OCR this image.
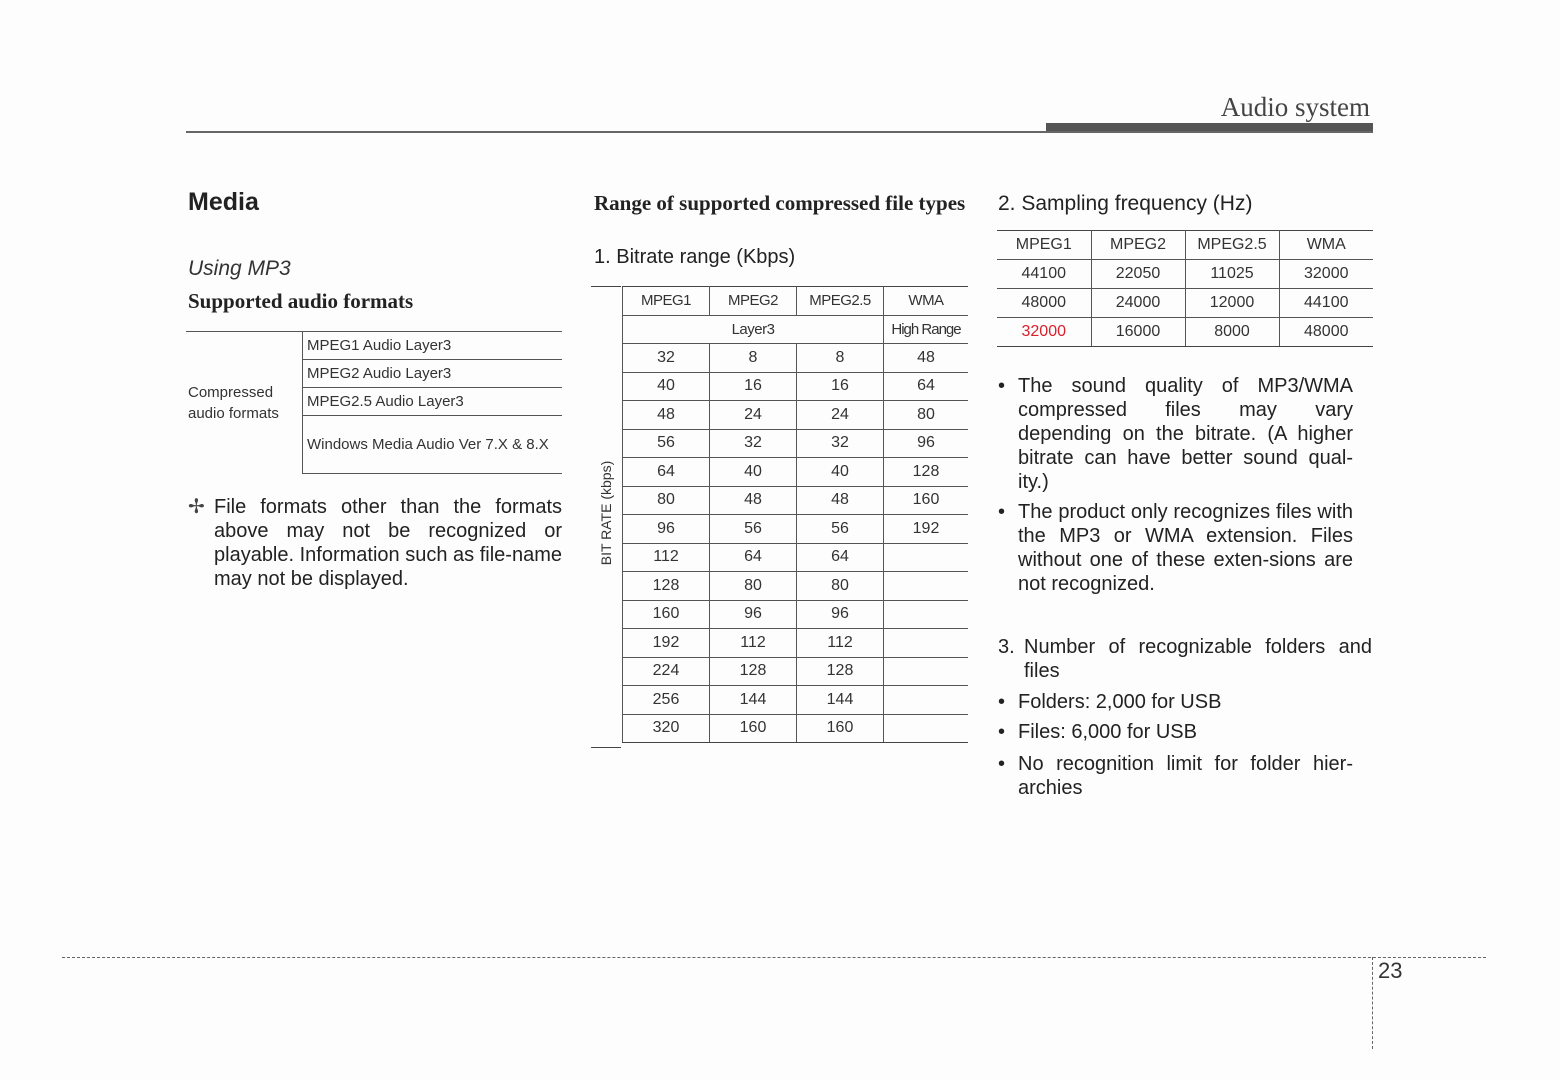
Audio system
Media
Using MP3
Supported audio formats
Compressed audio formats	MPEG1 Audio Layer3
MPEG2 Audio Layer3
MPEG2.5 Audio Layer3
Windows Media Audio Ver 7.X & 8.X
✢ File formats other than the formats above may not be recognized or playable. Information such as file-name may not be displayed.
Range of supported compressed file types
1. Bitrate range (Kbps)
BIT RATE (kbps)
MPEG1	MPEG2	MPEG2.5	WMA
Layer3			High Range
32	8	8	48
40	16	16	64
48	24	24	80
56	32	32	96
64	40	40	128
80	48	48	160
96	56	56	192
112	64	64	
128	80	80	
160	96	96	
192	112	112	
224	128	128	
256	144	144	
320	160	160	
2. Sampling frequency (Hz)
MPEG1	MPEG2	MPEG2.5	WMA
44100	22050	11025	32000
48000	24000	12000	44100
32000	16000	8000	48000
• The sound quality of MP3/WMA compressed files may vary depending on the bitrate. (A higher bitrate can have better sound qual-ity.)
• The product only recognizes files with the MP3 or WMA extension. Files without one of these exten-sions are not recognized.
3. Number of recognizable folders and files
• Folders: 2,000 for USB
• Files: 6,000 for USB
• No recognition limit for folder hier-archies
23
